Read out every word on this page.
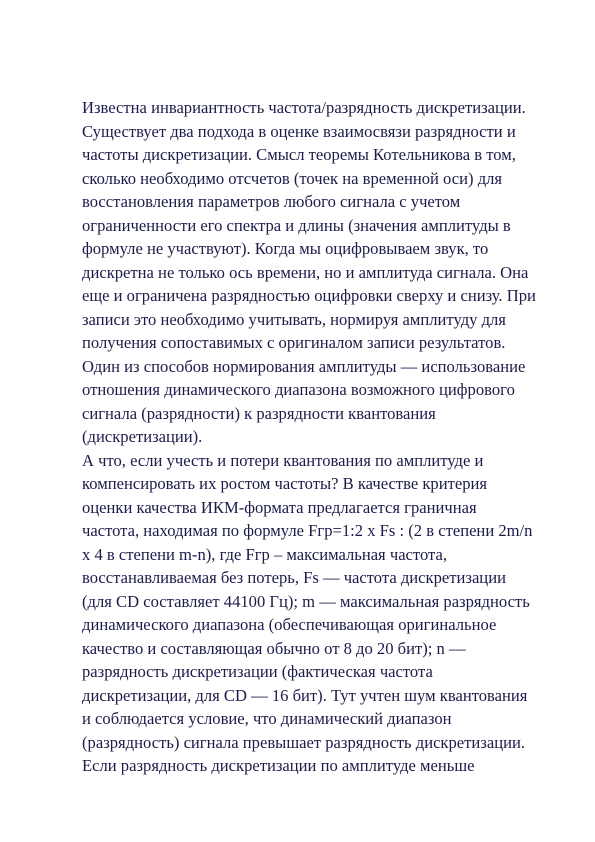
Известна инвариантность частота/разрядность дискретизации.
Существует два подхода в оценке взаимосвязи разрядности и
частоты дискретизации. Смысл теоремы Котельникова в том,
сколько необходимо отсчетов (точек на временной оси) для
восстановления параметров любого сигнала с учетом
ограниченности его спектра и длины (значения амплитуды в
формуле не участвуют). Когда мы оцифровываем звук, то
дискретна не только ось времени, но и амплитуда сигнала. Она
еще и ограничена разрядностью оцифровки сверху и снизу. При
записи это необходимо учитывать, нормируя амплитуду для
получения сопоставимых с оригиналом записи результатов.
Один из способов нормирования амплитуды — использование
отношения динамического диапазона возможного цифрового
сигнала (разрядности) к разрядности квантования
(дискретизации).
А что, если учесть и потери квантования по амплитуде и
компенсировать их ростом частоты? В качестве критерия
оценки качества ИКМ-формата предлагается граничная
частота, находимая по формуле Fгр=1:2 х Fs : (2 в степени 2m/n
х 4 в степени m-n), где Fгр – максимальная частота,
восстанавливаемая без потерь, Fs — частота дискретизации
(для CD составляет 44100 Гц); m — максимальная разрядность
динамического диапазона (обеспечивающая оригинальное
качество и составляющая обычно от 8 до 20 бит); n —
разрядность дискретизации (фактическая частота
дискретизации, для CD — 16 бит). Тут учтен шум квантования
и соблюдается условие, что динамический диапазон
(разрядность) сигнала превышает разрядность дискретизации.
Если разрядность дискретизации по амплитуде меньше
